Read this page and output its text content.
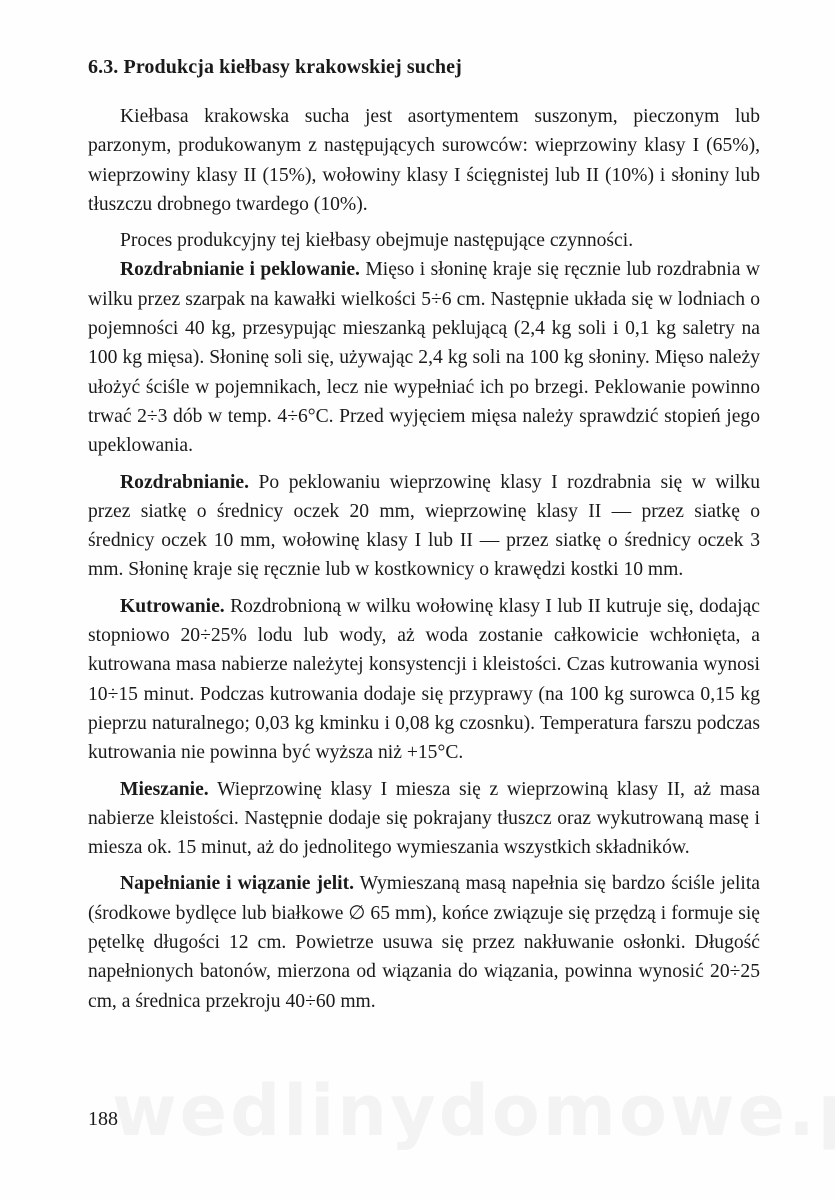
6.3. Produkcja kiełbasy krakowskiej suchej

Kiełbasa krakowska sucha jest asortymentem suszonym, pieczonym lub parzonym, produkowanym z następujących surowców: wieprzowiny klasy I (65%), wieprzowiny klasy II (15%), wołowiny klasy I ścięgnistej lub II (10%) i słoniny lub tłuszczu drobnego twardego (10%).

Proces produkcyjny tej kiełbasy obejmuje następujące czynności.

Rozdrabnianie i peklowanie. Mięso i słoninę kraje się ręcznie lub rozdrabnia w wilku przez szarpak na kawałki wielkości 5÷6 cm. Następnie układa się w lodniach o pojemności 40 kg, przesypując mieszanką peklującą (2,4 kg soli i 0,1 kg saletry na 100 kg mięsa). Słoninę soli się, używając 2,4 kg soli na 100 kg słoniny. Mięso należy ułożyć ściśle w pojemnikach, lecz nie wypełniać ich po brzegi. Peklowanie powinno trwać 2÷3 dób w temp. 4÷6°C. Przed wyjęciem mięsa należy sprawdzić stopień jego upeklowania.

Rozdrabnianie. Po peklowaniu wieprzowinę klasy I rozdrabnia się w wilku przez siatkę o średnicy oczek 20 mm, wieprzowinę klasy II — przez siatkę o średnicy oczek 10 mm, wołowinę klasy I lub II — przez siatkę o średnicy oczek 3 mm. Słoninę kraje się ręcznie lub w kostkownicy o krawędzi kostki 10 mm.

Kutrowanie. Rozdrobnioną w wilku wołowinę klasy I lub II kutruje się, dodając stopniowo 20÷25% lodu lub wody, aż woda zostanie całkowicie wchłonięta, a kutrowana masa nabierze należytej konsystencji i kleistości. Czas kutrowania wynosi 10÷15 minut. Podczas kutrowania dodaje się przyprawy (na 100 kg surowca 0,15 kg pieprzu naturalnego; 0,03 kg kminku i 0,08 kg czosnku). Temperatura farszu podczas kutrowania nie powinna być wyższa niż +15°C.

Mieszanie. Wieprzowinę klasy I miesza się z wieprzowiną klasy II, aż masa nabierze kleistości. Następnie dodaje się pokrajany tłuszcz oraz wykutrowaną masę i miesza ok. 15 minut, aż do jednolitego wymieszania wszystkich składników.

Napełnianie i wiązanie jelit. Wymieszaną masą napełnia się bardzo ściśle jelita (środkowe bydlęce lub białkowe ∅ 65 mm), końce związuje się przędzą i formuje się pętelkę długości 12 cm. Powietrze usuwa się przez nakłuwanie osłonki. Długość napełnionych batonów, mierzona od wiązania do wiązania, powinna wynosić 20÷25 cm, a średnica przekroju 40÷60 mm.

188
